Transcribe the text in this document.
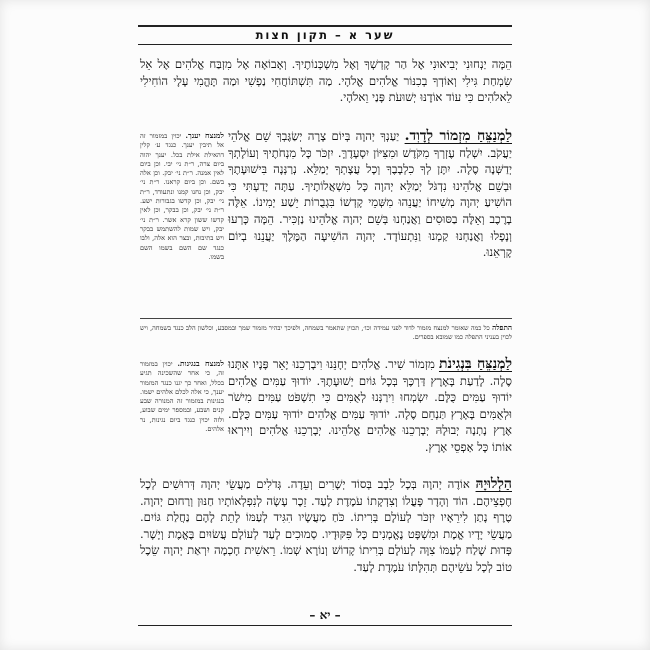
שער א – תקון חצות
הֵמָּה יַנְחוּנִי יְבִיאוּנִי אֶל הַר קָדְשְׁךָ וְאֶל מִשְׁכְּנוֹתֶיךָ. וְאָבוֹאָה אֶל מִזְבַּח אֱלֹהִים אֶל אֵל שִׂמְחַת גִּילִי וְאוֹדְךָ בְכִנּוֹר אֱלֹהִים אֱלֹהָי. מַה תִּשְׁתּוֹחֲחִי נַפְשִׁי וּמַה תֶּהֱמִי עָלָי הוֹחִילִי לֵאלֹהִים כִּי עוֹד אוֹדֶנּוּ יְשׁוּעֹת פָּנַי וֵאלֹהָי.
למנצח יענך. יכוין במזמור זה אל תיבין יענך. כנגד ע׳ קלין דהאילת אילת בכל. יענך יהוה ביום צרה, ר״ת ני׳ יבי. וכן ביום לאין אמנה. ר״ת ני׳ יבק. וכן אלה בשם. וכן ביום קראנו. ר״ת ני׳ יבק, וכן נחנו קמנו ונתעודד, ר״ת ני׳ יבק, וכן קדשו בגבורות ישע. ר״ת ני׳ יבק, וכן בבקר, וכן לאין קדשו ששון קרא אשר. ר״ת ני׳ יבק, ויש שמות להשתמש בבקר ויש בתיבות, ובצר הוא אלה, ולבו כנגד שם השם בשמו השם בשמו.
לַמְנַצֵּחַ מִזְמוֹר לְדָוִד. יַעַנְךָ יְהוָה בְּיוֹם צָרָה יְשַׂגֶּבְךָ שֵׁם אֱלֹהֵי יַעֲקֹב. יִשְׁלַח עֶזְרְךָ מִקֹּדֶשׁ וּמִצִּיּוֹן יִסְעָדֶךָּ. יִזְכֹּר כָּל מִנְחֹתֶיךָ וְעוֹלָתְךָ יְדַשְּׁנֶה סֶלָה. יִתֶּן לְךָ כִלְבָבֶךָ וְכָל עֲצָתְךָ יְמַלֵּא. נְרַנְּנָה בִּישׁוּעָתֶךָ וּבְשֵׁם אֱלֹהֵינוּ נִדְגֹּל יְמַלֵּא יְהוָה כָּל מִשְׁאֲלוֹתֶיךָ. עַתָּה יָדַעְתִּי כִּי הוֹשִׁיעַ יְהוָה מְשִׁיחוֹ יַעֲנֵהוּ מִשְּׁמֵי קָדְשׁוֹ בִּגְבֻרוֹת יֵשַׁע יְמִינוֹ. אֵלֶּה בָרֶכֶב וְאֵלֶּה בַסּוּסִים וַאֲנַחְנוּ בְּשֵׁם יְהוָה אֱלֹהֵינוּ נַזְכִּיר. הֵמָּה כָּרְעוּ וְנָפָלוּ וַאֲנַחְנוּ קַמְנוּ וַנִּתְעוֹדָד. יְהוָה הוֹשִׁיעָה הַמֶּלֶךְ יַעֲנֵנוּ בְיוֹם קָרְאֵנוּ.
התפלה כל כמה שאומר למנצח מזמור לדוד לפני עמידה וכו׳, תכוין שתאמר בשמחה, ולפיכך יבהיר מזמור שמך ובמסבע, וכלשון הלב כנגד בשמחה, ויש לכוין בעניני התפלה כמו שמובא בספרים.
למנצח בנגינות. יכוין במזמור זה, כי אחר שהשכינה תגיע בכלל, ואחר כך יגנו כנגד המזמור יענך, כי אלה לכלם אלהים ישמו. בנגינות במזמור זה המנורה שבע קנים ושבע, ובמספר ימים שבוע, ולזה יכוין כנגד ביום נגינות, נר אלהים.
לַמְנַצֵּחַ בִּנְגִינֹת מִזְמוֹר שִׁיר. אֱלֹהִים יְחָנֵּנוּ וִיבָרְכֵנוּ יָאֵר פָּנָיו אִתָּנוּ סֶלָה. לָדַעַת בָּאָרֶץ דַּרְכֶּךָ בְּכָל גּוֹיִם יְשׁוּעָתֶךָ. יוֹדוּךָ עַמִּים אֱלֹהִים יוֹדוּךָ עַמִּים כֻּלָּם. יִשְׂמְחוּ וִירַנְּנוּ לְאֻמִּים כִּי תִשְׁפֹּט עַמִּים מִישֹׁר וּלְאֻמִּים בָּאָרֶץ תַּנְחֵם סֶלָה. יוֹדוּךָ עַמִּים אֱלֹהִים יוֹדוּךָ עַמִּים כֻּלָּם. אֶרֶץ נָתְנָה יְבוּלָהּ יְבָרְכֵנוּ אֱלֹהִים אֱלֹהֵינוּ. יְבָרְכֵנוּ אֱלֹהִים וְיִירְאוּ אוֹתוֹ כָּל אַפְסֵי אָרֶץ.
הַלְלוּיָהּ אוֹדֶה יְהוָה בְּכָל לֵבָב בְּסוֹד יְשָׁרִים וְעֵדָה. גְּדֹלִים מַעֲשֵׂי יְהוָה דְּרוּשִׁים לְכָל חֶפְצֵיהֶם. הוֹד וְהָדָר פָּעֳלוֹ וְצִדְקָתוֹ עֹמֶדֶת לָעַד. זֵכֶר עָשָׂה לְנִפְלְאוֹתָיו חַנּוּן וְרַחוּם יְהוָה. טֶרֶף נָתַן לִירֵאָיו יִזְכֹּר לְעוֹלָם בְּרִיתוֹ. כֹּחַ מַעֲשָׂיו הִגִּיד לְעַמּוֹ לָתֵת לָהֶם נַחֲלַת גּוֹיִם. מַעֲשֵׂי יָדָיו אֱמֶת וּמִשְׁפָּט נֶאֱמָנִים כָּל פִּקּוּדָיו. סְמוּכִים לָעַד לְעוֹלָם עֲשׂוּיִם בֶּאֱמֶת וְיָשָׁר. פְּדוּת שָׁלַח לְעַמּוֹ צִוָּה לְעוֹלָם בְּרִיתוֹ קָדוֹשׁ וְנוֹרָא שְׁמוֹ. רֵאשִׁית חָכְמָה יִרְאַת יְהוָה שֵׂכֶל טוֹב לְכָל עֹשֵׂיהֶם תְּהִלָּתוֹ עֹמֶדֶת לָעַד.
– יא –
